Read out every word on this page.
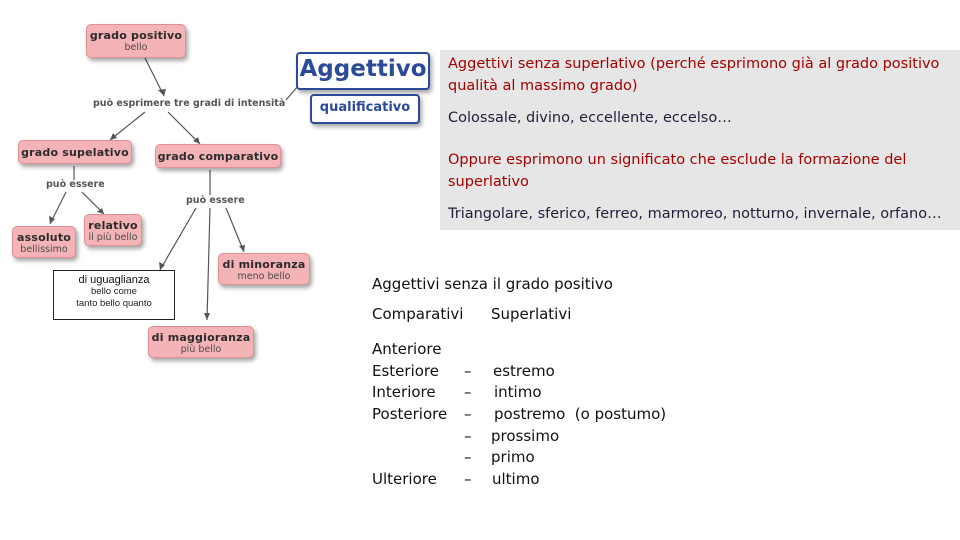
grado positivo
bello
Aggettivo
qualificativo
può esprimere tre gradi di intensità
grado supelativo	grado comparativo
può essere
può essere
assoluto
bellissimo
relativo
il più bello
di minoranza
meno bello
di maggioranza
più bello
di uguaglianza
bello come
tanto bello quanto

Aggettivi senza superlativo (perché esprimono già al grado positivo qualità al massimo grado)

Colossale, divino, eccellente, eccelso…

Oppure esprimono un significato che esclude la formazione del superlativo

Triangolare, sferico, ferreo, marmoreo, notturno, invernale, orfano…

Aggettivi senza il grado positivo
Comparativi Superlativi
Anteriore
Esteriore – estremo
Interiore – intimo
Posteriore – postremo  (o postumo)
– prossimo
– primo
Ulteriore – ultimo
